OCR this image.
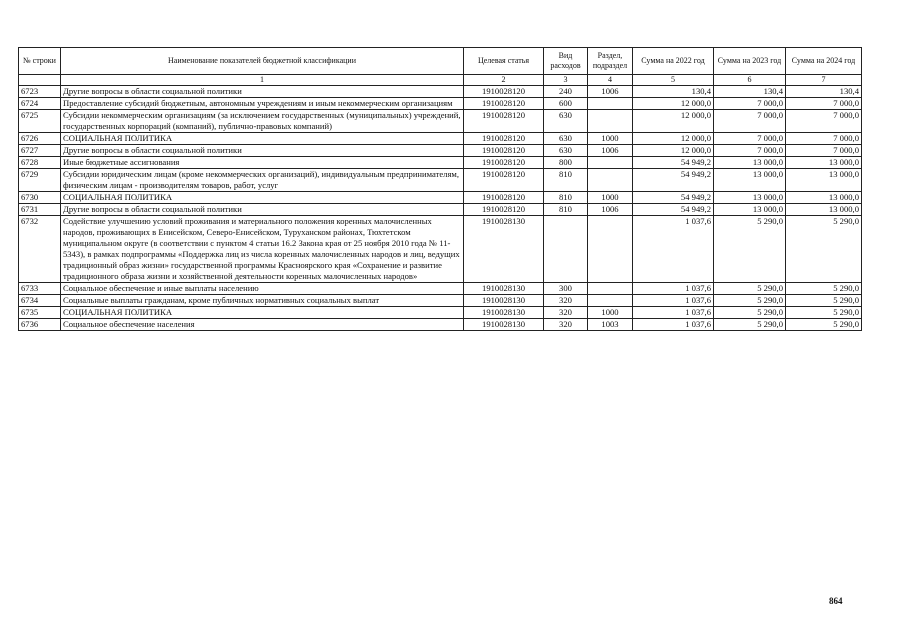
№ строки	Наименование показателей бюджетной классификации	Целевая статья	Вид расходов	Раздел, подраздел	Сумма на 2022 год	Сумма на 2023 год	Сумма на 2024 год
	1	2	3	4	5	6	7
6723	Другие вопросы в области социальной политики	1910028120	240	1006	130,4	130,4	130,4
6724	Предоставление субсидий бюджетным, автономным учреждениям и иным некоммерческим организациям	1910028120	600		12 000,0	7 000,0	7 000,0
6725	Субсидии некоммерческим организациям (за исключением государственных (муниципальных) учреждений, государственных корпораций (компаний), публично-правовых компаний)	1910028120	630		12 000,0	7 000,0	7 000,0
6726	СОЦИАЛЬНАЯ ПОЛИТИКА	1910028120	630	1000	12 000,0	7 000,0	7 000,0
6727	Другие вопросы в области социальной политики	1910028120	630	1006	12 000,0	7 000,0	7 000,0
6728	Иные бюджетные ассигнования	1910028120	800		54 949,2	13 000,0	13 000,0
6729	Субсидии юридическим лицам (кроме некоммерческих организаций), индивидуальным предпринимателям, физическим лицам - производителям товаров, работ, услуг	1910028120	810		54 949,2	13 000,0	13 000,0
6730	СОЦИАЛЬНАЯ ПОЛИТИКА	1910028120	810	1000	54 949,2	13 000,0	13 000,0
6731	Другие вопросы в области социальной политики	1910028120	810	1006	54 949,2	13 000,0	13 000,0
6732	Содействие улучшению условий проживания и материального положения коренных малочисленных народов, проживающих в Енисейском, Северо-Енисейском, Туруханском районах, Тюхтетском муниципальном округе (в соответствии с пунктом 4 статьи 16.2 Закона края от 25 ноября 2010 года № 11-5343), в рамках подпрограммы «Поддержка лиц из числа коренных малочисленных народов и лиц, ведущих традиционный образ жизни» государственной программы Красноярского края «Сохранение и развитие традиционного образа жизни и хозяйственной деятельности коренных малочисленных народов»	1910028130			1 037,6	5 290,0	5 290,0
6733	Социальное обеспечение и иные выплаты населению	1910028130	300		1 037,6	5 290,0	5 290,0
6734	Социальные выплаты гражданам, кроме публичных нормативных социальных выплат	1910028130	320		1 037,6	5 290,0	5 290,0
6735	СОЦИАЛЬНАЯ ПОЛИТИКА	1910028130	320	1000	1 037,6	5 290,0	5 290,0
6736	Социальное обеспечение населения	1910028130	320	1003	1 037,6	5 290,0	5 290,0
864
